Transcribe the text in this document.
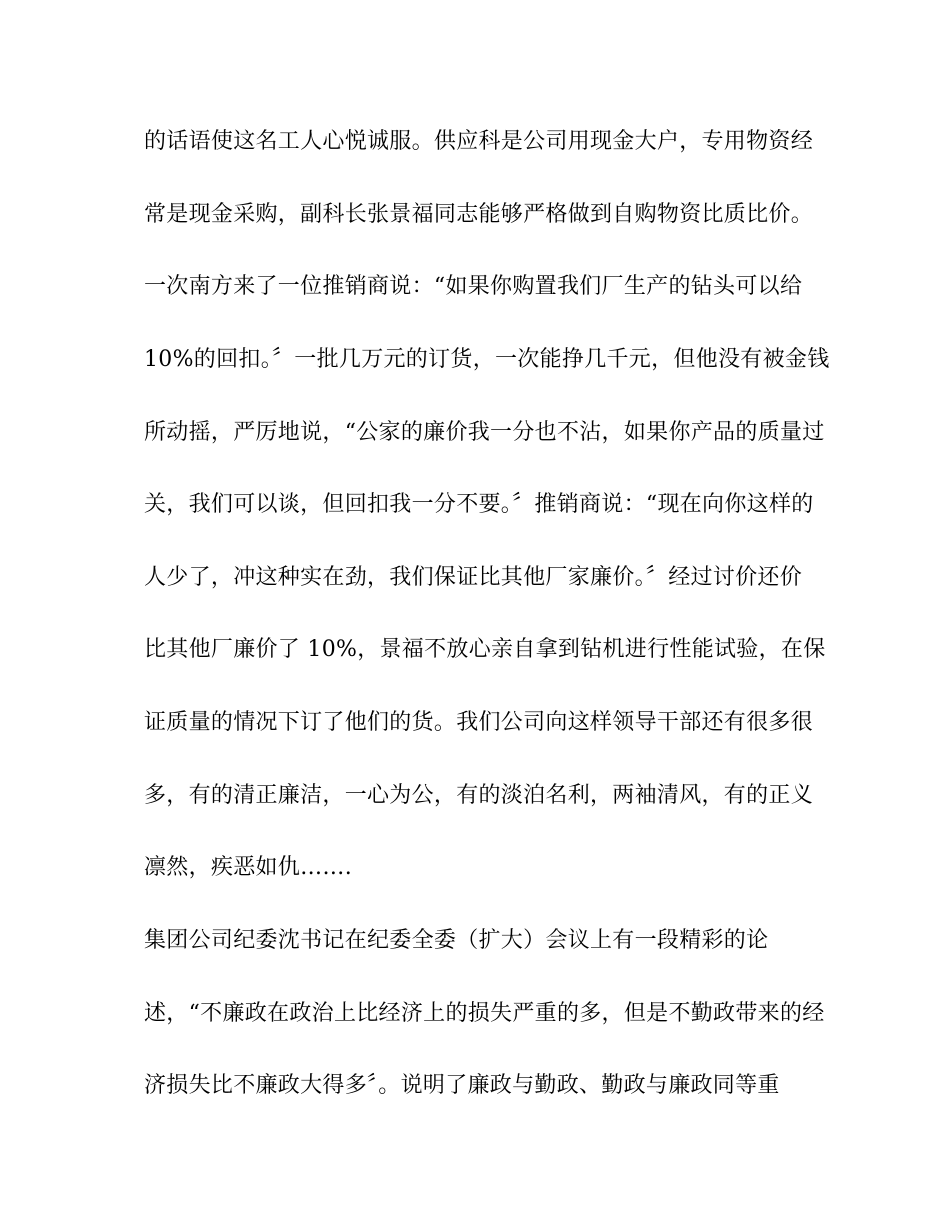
的话语使这名工人心悦诚服。供应科是公司用现金大户，专用物资经
常是现金采购，副科长张景福同志能够严格做到自购物资比质比价。
一次南方来了一位推销商说：“如果你购置我们厂生产的钻头可以给
10%的回扣。〞一批几万元的订货，一次能挣几千元，但他没有被金钱
所动摇，严厉地说，“公家的廉价我一分也不沾，如果你产品的质量过
关，我们可以谈，但回扣我一分不要。〞推销商说：“现在向你这样的
人少了，冲这种实在劲，我们保证比其他厂家廉价。〞经过讨价还价
比其他厂廉价了 10%，景福不放心亲自拿到钻机进行性能试验，在保
证质量的情况下订了他们的货。我们公司向这样领导干部还有很多很
多，有的清正廉洁，一心为公，有的淡泊名利，两袖清风，有的正义
凛然，疾恶如仇…….
集团公司纪委沈书记在纪委全委（扩大）会议上有一段精彩的论
述，“不廉政在政治上比经济上的损失严重的多，但是不勤政带来的经
济损失比不廉政大得多〞。说明了廉政与勤政、勤政与廉政同等重
